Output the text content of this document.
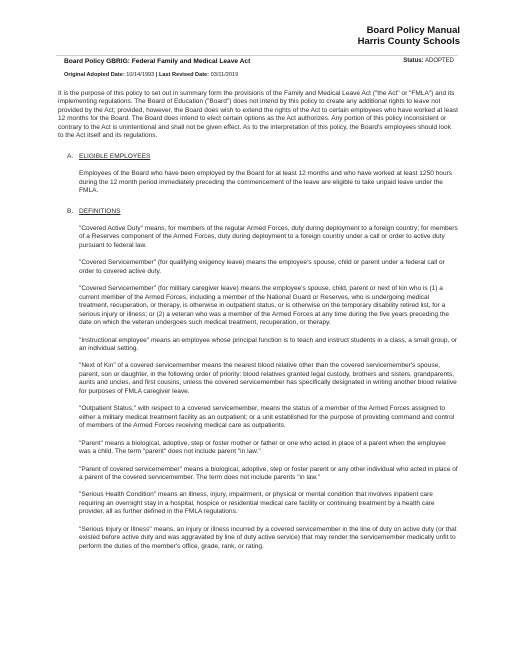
Board Policy Manual
Harris County Schools
Board Policy GBRIG: Federal Family and Medical Leave Act	Status: ADOPTED
Original Adopted Date: 10/14/1993 | Last Revised Date: 03/11/2019

It is the purpose of this policy to set out in summary form the provisions of the Family and Medical Leave Act ("the Act" or "FMLA") and its implementing regulations. The Board of Education ("Board") does not intend by this policy to create any additional rights to leave not provided by the Act; provided, however, the Board does wish to extend the rights of the Act to certain employees who have worked at least 12 months for the Board. The Board does intend to elect certain options as the Act authorizes. Any portion of this policy inconsistent or contrary to the Act is unintentional and shall not be given effect. As to the interpretation of this policy, the Board's employees should look to the Act itself and its regulations.

A. ELIGIBLE EMPLOYEES

Employees of the Board who have been employed by the Board for at least 12 months and who have worked at least 1250 hours during the 12 month period immediately preceding the commencement of the leave are eligible to take unpaid leave under the FMLA.

B. DEFINITIONS

"Covered Active Duty" means, for members of the regular Armed Forces, duty during deployment to a foreign country; for members of a Reserves component of the Armed Forces, duty during deployment to a foreign country under a call or order to active duty pursuant to federal law.

"Covered Servicemember" (for qualifying exigency leave) means the employee's spouse, child or parent under a federal call or order to covered active duty.

"Covered Servicemember" (for military caregiver leave) means the employee's spouse, child, parent or next of kin who is (1) a current member of the Armed Forces, including a member of the National Guard or Reserves, who is undergoing medical treatment, recuperation, or therapy, is otherwise in outpatient status, or is otherwise on the temporary disability retired list, for a serious injury or illness; or (2) a veteran who was a member of the Armed Forces at any time during the five years preceding the date on which the veteran undergoes such medical treatment, recuperation, or therapy.

"Instructional employee" means an employee whose principal function is to teach and instruct students in a class, a small group, or an individual setting.

"Next of Kin" of a covered servicemember means the nearest blood relative other than the covered servicemember's spouse, parent, son or daughter, in the following order of priority: blood relatives granted legal custody, brothers and sisters, grandparents, aunts and uncles, and first cousins, unless the covered servicemember has specifically designated in writing another blood relative for purposes of FMLA caregiver leave.

"Outpatient Status," with respect to a covered servicemember, means the status of a member of the Armed Forces assigned to either a military medical treatment facility as an outpatient; or a unit established for the purpose of providing command and control of members of the Armed Forces receiving medical care as outpatients.

"Parent" means a biological, adoptive, step or foster mother or father or one who acted in place of a parent when the employee was a child. The term "parent" does not include parent "in law."

"Parent of covered servicemember" means a biological, adoptive, step or foster parent or any other individual who acted in place of a parent of the covered servicemember. The term does not include parents "in law."

"Serious Health Condition" means an illness, injury, impairment, or physical or mental condition that involves inpatient care requiring an overnight stay in a hospital, hospice or residential medical care facility or continuing treatment by a health care provider, all as further defined in the FMLA regulations.

"Serious Injury or Illness" means, an injury or illness incurred by a covered servicemember in the line of duty on active duty (or that existed before active duty and was aggravated by line of duty active service) that may render the servicemember medically unfit to perform the duties of the member's office, grade, rank, or rating.
